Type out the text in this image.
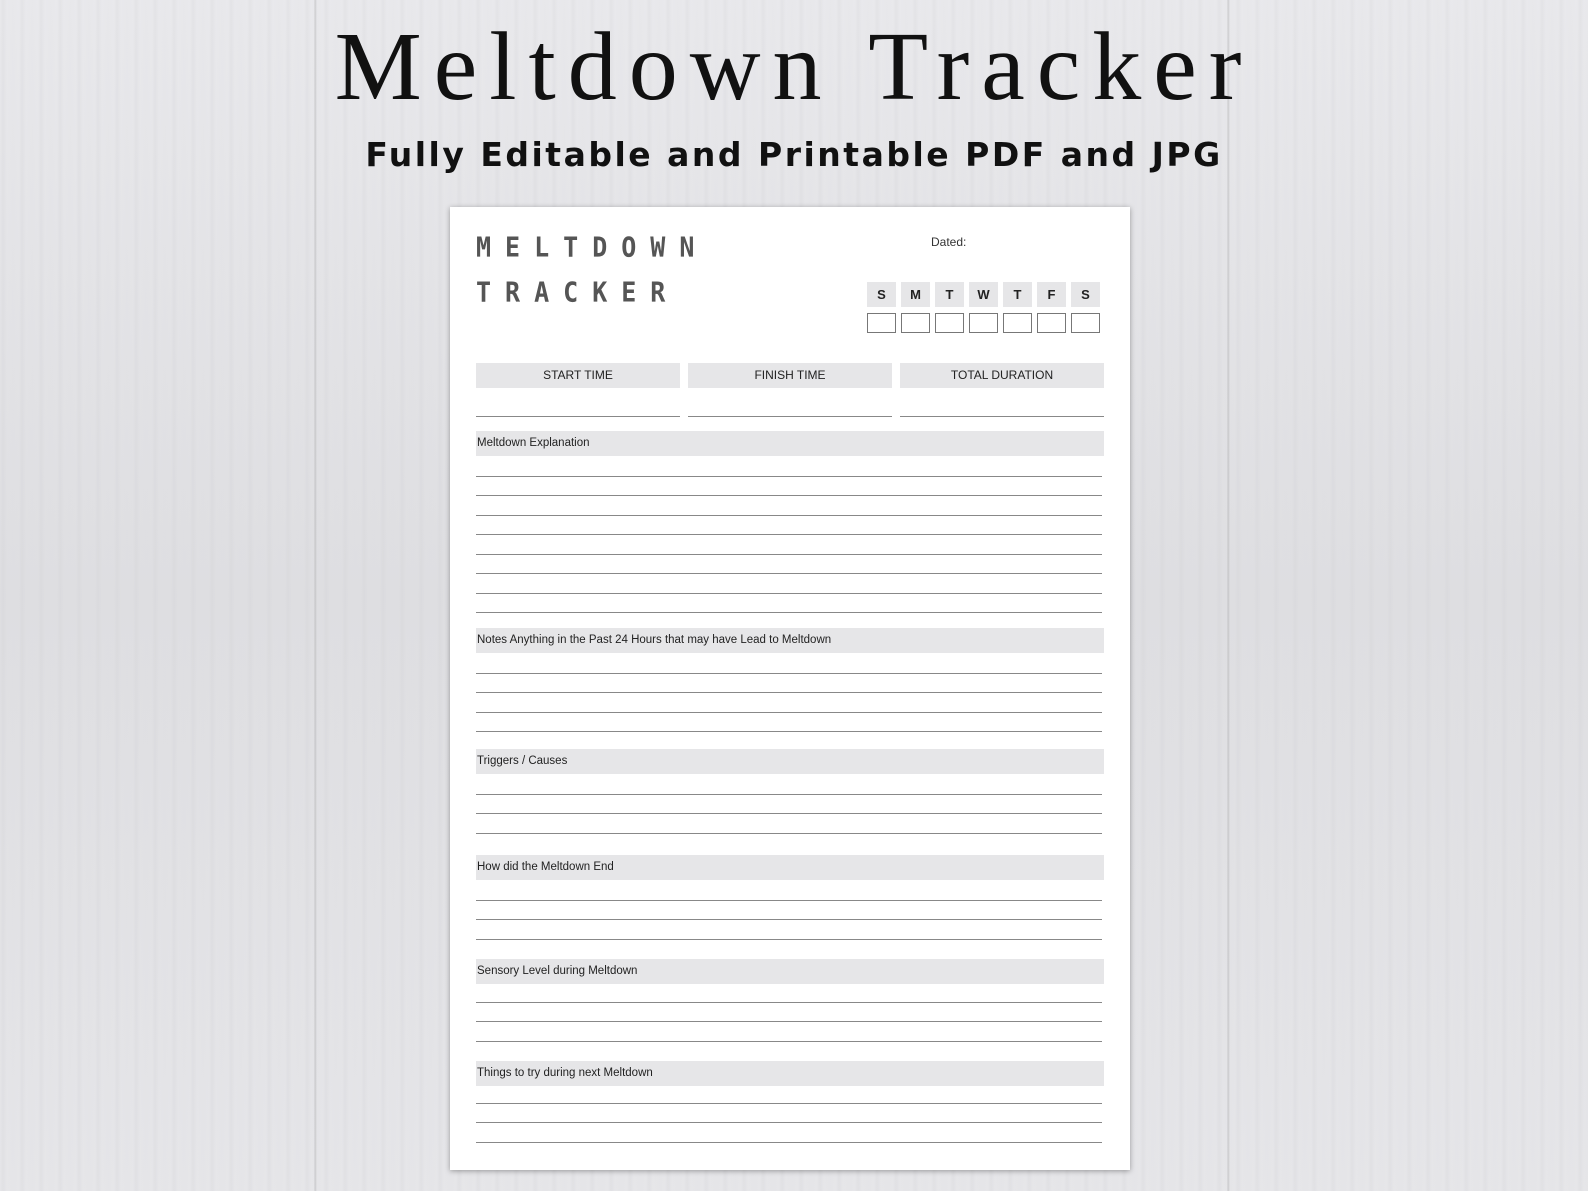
Meltdown Tracker
Fully Editable and Printable PDF and JPG
MELTDOWN
TRACKER
Dated:
S	M	T	W	T	F	S
START TIME	FINISH TIME	TOTAL DURATION
Meltdown Explanation
Notes Anything in the Past 24 Hours that may have Lead to Meltdown
Triggers / Causes
How did the Meltdown End
Sensory Level during Meltdown
Things to try during next Meltdown
